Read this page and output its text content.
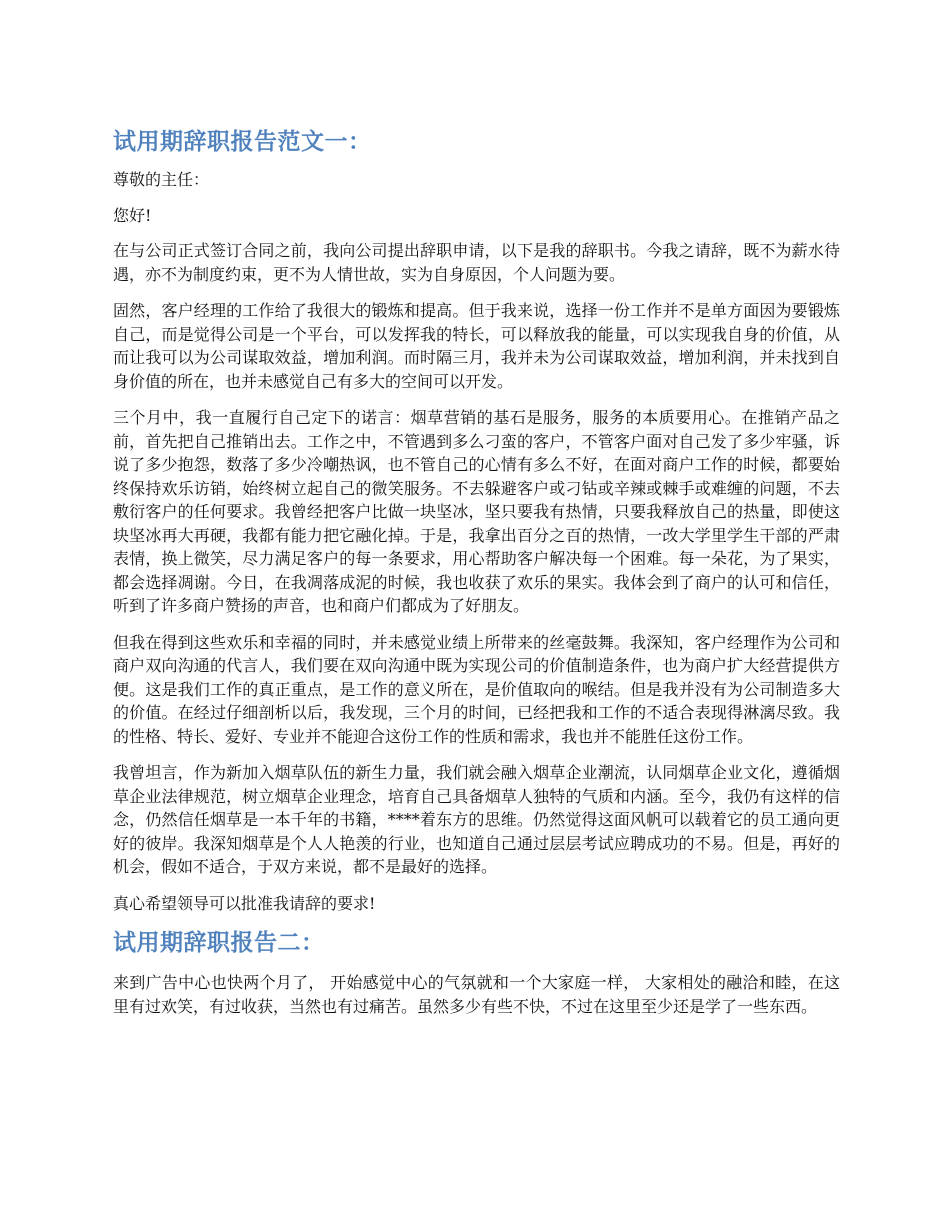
试用期辞职报告范文一：

尊敬的主任：

您好!

在与公司正式签订合同之前，我向公司提出辞职申请，以下是我的辞职书。今我之请辞，既不为薪水待遇，亦不为制度约束，更不为人情世故，实为自身原因，个人问题为要。

固然，客户经理的工作给了我很大的锻炼和提高。但于我来说，选择一份工作并不是单方面因为要锻炼自己，而是觉得公司是一个平台，可以发挥我的特长，可以释放我的能量，可以实现我自身的价值，从而让我可以为公司谋取效益，增加利润。而时隔三月，我并未为公司谋取效益，增加利润，并未找到自身价值的所在，也并未感觉自己有多大的空间可以开发。

三个月中，我一直履行自己定下的诺言：烟草营销的基石是服务，服务的本质要用心。在推销产品之前，首先把自己推销出去。工作之中，不管遇到多么刁蛮的客户，不管客户面对自己发了多少牢骚，诉说了多少抱怨，数落了多少冷嘲热讽，也不管自己的心情有多么不好，在面对商户工作的时候，都要始终保持欢乐访销，始终树立起自己的微笑服务。不去躲避客户或刁钻或辛辣或棘手或难缠的问题，不去敷衍客户的任何要求。我曾经把客户比做一块坚冰，坚只要我有热情，只要我释放自己的热量，即使这块坚冰再大再硬，我都有能力把它融化掉。于是，我拿出百分之百的热情，一改大学里学生干部的严肃表情，换上微笑，尽力满足客户的每一条要求，用心帮助客户解决每一个困难。每一朵花，为了果实，都会选择凋谢。今日，在我凋落成泥的时候，我也收获了欢乐的果实。我体会到了商户的认可和信任，听到了许多商户赞扬的声音，也和商户们都成为了好朋友。

但我在得到这些欢乐和幸福的同时，并未感觉业绩上所带来的丝毫鼓舞。我深知，客户经理作为公司和商户双向沟通的代言人，我们要在双向沟通中既为实现公司的价值制造条件，也为商户扩大经营提供方便。这是我们工作的真正重点，是工作的意义所在，是价值取向的喉结。但是我并没有为公司制造多大的价值。在经过仔细剖析以后，我发现，三个月的时间，已经把我和工作的不适合表现得淋漓尽致。我的性格、特长、爱好、专业并不能迎合这份工作的性质和需求，我也并不能胜任这份工作。

我曾坦言，作为新加入烟草队伍的新生力量，我们就会融入烟草企业潮流，认同烟草企业文化，遵循烟草企业法律规范，树立烟草企业理念，培育自己具备烟草人独特的气质和内涵。至今，我仍有这样的信念，仍然信任烟草是一本千年的书籍，****着东方的思维。仍然觉得这面风帆可以载着它的员工通向更好的彼岸。我深知烟草是个人人艳羡的行业，也知道自己通过层层考试应聘成功的不易。但是，再好的机会，假如不适合，于双方来说，都不是最好的选择。

真心希望领导可以批准我请辞的要求!

试用期辞职报告二：

来到广告中心也快两个月了， 开始感觉中心的气氛就和一个大家庭一样， 大家相处的融洽和睦，在这里有过欢笑，有过收获，当然也有过痛苦。虽然多少有些不快，不过在这里至少还是学了一些东西。
